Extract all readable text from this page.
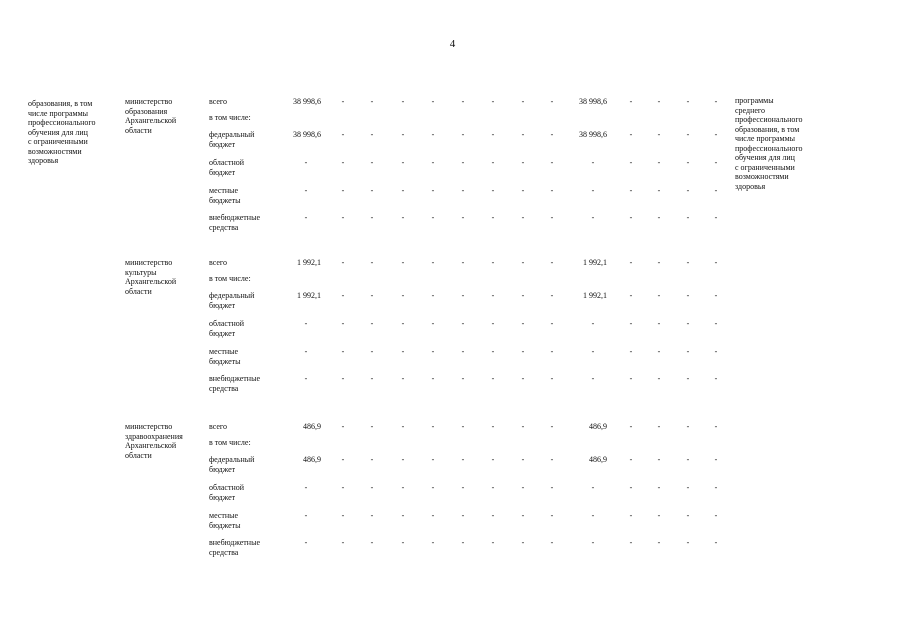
4
образования, в том
числе программы
профессионального
обучения для лиц
с ограниченными
возможностями
здоровья
программы
среднего
профессионального
образования, в том
числе программы
профессионального
обучения для лиц
с ограниченными
возможностями
здоровья
министерство
образования
Архангельской
области
всего	38 998,6	-	-	-	-	-	-	-	-	38 998,6	-	-	-	-
в том числе:
федеральный
бюджет
38 998,6	-	-	-	-	-	-	-	-	38 998,6	-	-	-	-
областной
бюджет
-	-	-	-	-	-	-	-	-	-	-	-	-	-
местные
бюджеты
-	-	-	-	-	-	-	-	-	-	-	-	-	-
внебюджетные
средства
-	-	-	-	-	-	-	-	-	-	-	-	-	-
министерство
культуры
Архангельской
области
всего	1 992,1	-	-	-	-	-	-	-	-	1 992,1	-	-	-	-
в том числе:
федеральный
бюджет
1 992,1	-	-	-	-	-	-	-	-	1 992,1	-	-	-	-
областной
бюджет
-	-	-	-	-	-	-	-	-	-	-	-	-	-
местные
бюджеты
-	-	-	-	-	-	-	-	-	-	-	-	-	-
внебюджетные
средства
-	-	-	-	-	-	-	-	-	-	-	-	-	-
министерство
здравоохранения
Архангельской
области
всего	486,9	-	-	-	-	-	-	-	-	486,9	-	-	-	-
в том числе:
федеральный
бюджет
486,9	-	-	-	-	-	-	-	-	486,9	-	-	-	-
областной
бюджет
-	-	-	-	-	-	-	-	-	-	-	-	-	-
местные
бюджеты
-	-	-	-	-	-	-	-	-	-	-	-	-	-
внебюджетные
средства
-	-	-	-	-	-	-	-	-	-	-	-	-	-
